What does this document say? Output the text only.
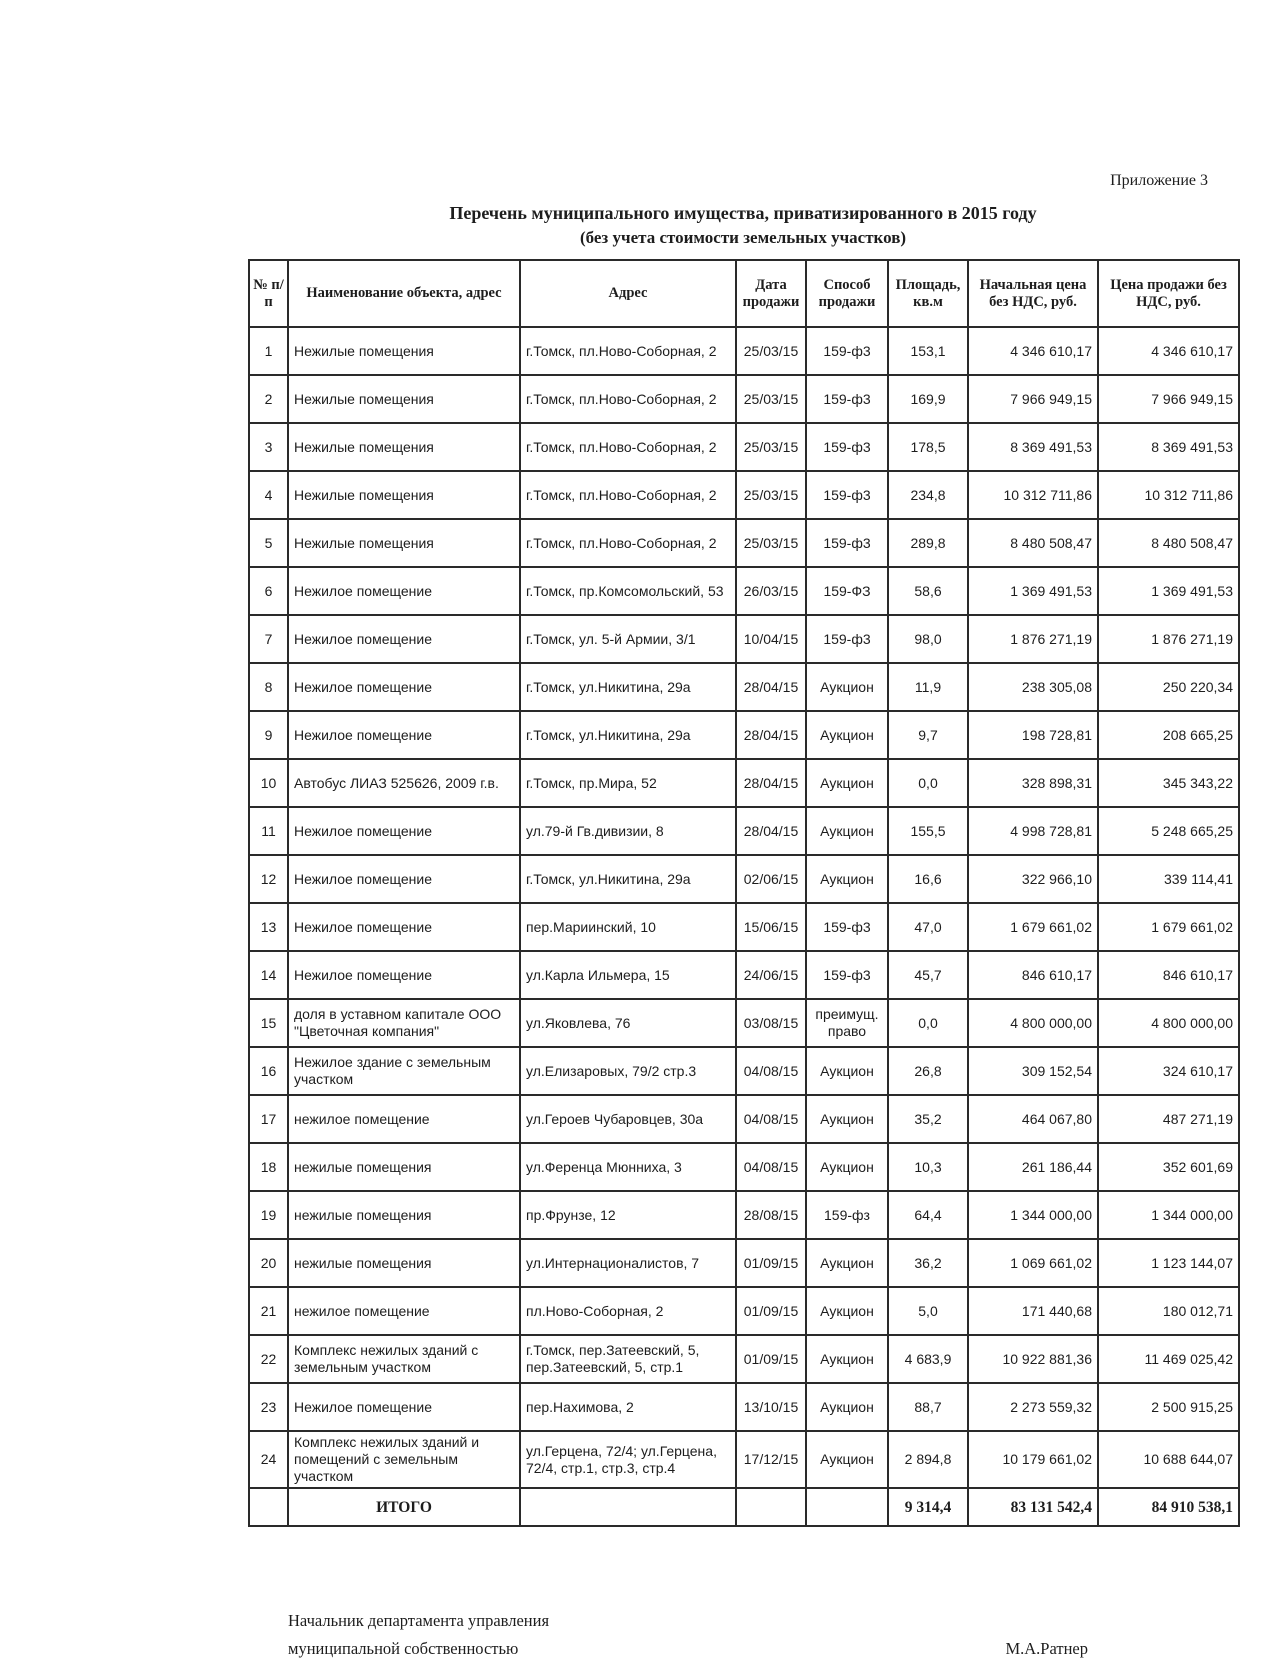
Приложение 3
Перечень муниципального имущества, приватизированного в 2015 году
(без учета стоимости земельных участков)
№ п/п	Наименование объекта, адрес	Адрес	Дата продажи	Способ продажи	Площадь, кв.м	Начальная цена без НДС, руб.	Цена продажи без НДС, руб.
1	Нежилые помещения	г.Томск, пл.Ново-Соборная, 2	25/03/15	159-ф3	153,1	4 346 610,17	4 346 610,17
2	Нежилые помещения	г.Томск, пл.Ново-Соборная, 2	25/03/15	159-ф3	169,9	7 966 949,15	7 966 949,15
3	Нежилые помещения	г.Томск, пл.Ново-Соборная, 2	25/03/15	159-ф3	178,5	8 369 491,53	8 369 491,53
4	Нежилые помещения	г.Томск, пл.Ново-Соборная, 2	25/03/15	159-ф3	234,8	10 312 711,86	10 312 711,86
5	Нежилые помещения	г.Томск, пл.Ново-Соборная, 2	25/03/15	159-ф3	289,8	8 480 508,47	8 480 508,47
6	Нежилое помещение	г.Томск, пр.Комсомольский, 53	26/03/15	159-ФЗ	58,6	1 369 491,53	1 369 491,53
7	Нежилое помещение	г.Томск, ул. 5-й Армии, 3/1	10/04/15	159-ф3	98,0	1 876 271,19	1 876 271,19
8	Нежилое помещение	г.Томск, ул.Никитина, 29а	28/04/15	Аукцион	11,9	238 305,08	250 220,34
9	Нежилое помещение	г.Томск, ул.Никитина, 29а	28/04/15	Аукцион	9,7	198 728,81	208 665,25
10	Автобус ЛИАЗ 525626, 2009 г.в.	г.Томск, пр.Мира, 52	28/04/15	Аукцион	0,0	328 898,31	345 343,22
11	Нежилое помещение	ул.79-й Гв.дивизии, 8	28/04/15	Аукцион	155,5	4 998 728,81	5 248 665,25
12	Нежилое помещение	г.Томск, ул.Никитина, 29а	02/06/15	Аукцион	16,6	322 966,10	339 114,41
13	Нежилое помещение	пер.Мариинский, 10	15/06/15	159-ф3	47,0	1 679 661,02	1 679 661,02
14	Нежилое помещение	ул.Карла Ильмера, 15	24/06/15	159-ф3	45,7	846 610,17	846 610,17
15	доля в уставном капитале ООО "Цветочная компания"	ул.Яковлева, 76	03/08/15	преимущ. право	0,0	4 800 000,00	4 800 000,00
16	Нежилое здание с земельным участком	ул.Елизаровых, 79/2 стр.3	04/08/15	Аукцион	26,8	309 152,54	324 610,17
17	нежилое помещение	ул.Героев Чубаровцев, 30а	04/08/15	Аукцион	35,2	464 067,80	487 271,19
18	нежилые помещения	ул.Ференца Мюнниха, 3	04/08/15	Аукцион	10,3	261 186,44	352 601,69
19	нежилые помещения	пр.Фрунзе, 12	28/08/15	159-фз	64,4	1 344 000,00	1 344 000,00
20	нежилые помещения	ул.Интернационалистов, 7	01/09/15	Аукцион	36,2	1 069 661,02	1 123 144,07
21	нежилое помещение	пл.Ново-Соборная, 2	01/09/15	Аукцион	5,0	171 440,68	180 012,71
22	Комплекс нежилых зданий с земельным участком	г.Томск, пер.Затеевский, 5, пер.Затеевский, 5, стр.1	01/09/15	Аукцион	4 683,9	10 922 881,36	11 469 025,42
23	Нежилое помещение	пер.Нахимова, 2	13/10/15	Аукцион	88,7	2 273 559,32	2 500 915,25
24	Комплекс нежилых зданий и помещений с земельным участком	ул.Герцена, 72/4; ул.Герцена, 72/4, стр.1, стр.3, стр.4	17/12/15	Аукцион	2 894,8	10 179 661,02	10 688 644,07
	ИТОГО				9 314,4	83 131 542,4	84 910 538,1
Начальник департамента управления
муниципальной собственностью	М.А.Ратнер
